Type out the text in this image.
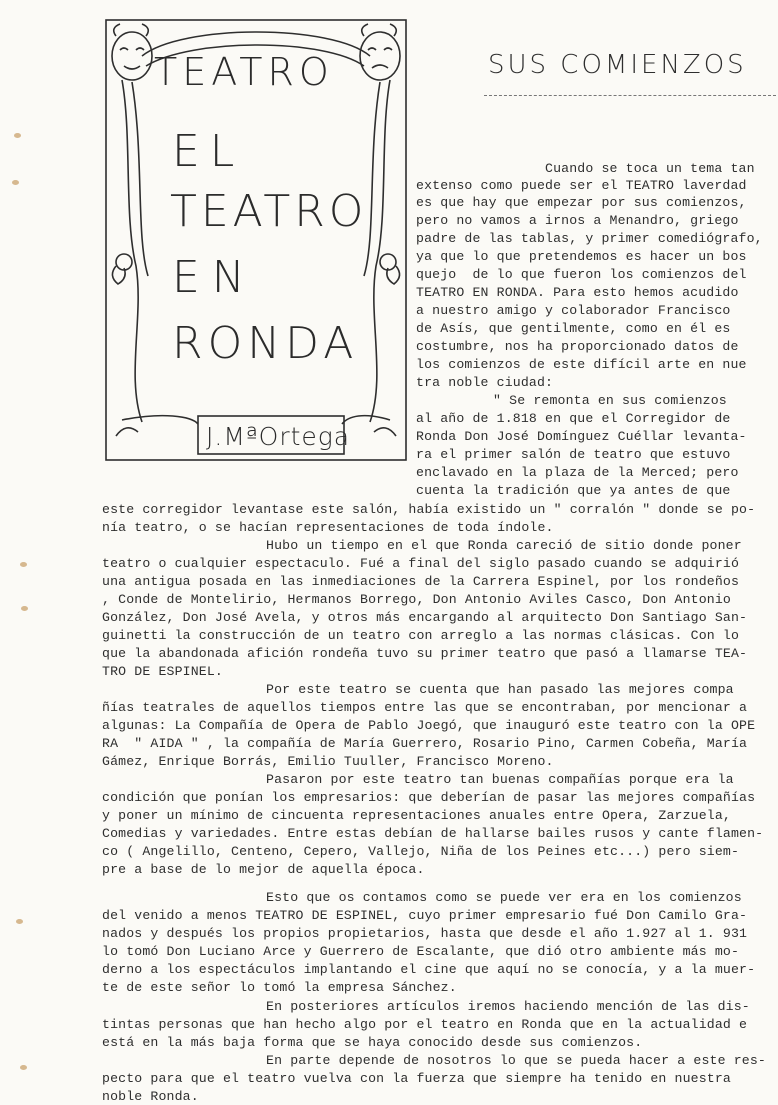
TEATRO
EL
TEATRO
EN
RONDA
J.MªOrtega
SUS COMIENZOS
Cuando se toca un tema tan
extenso como puede ser el TEATRO laverdad
es que hay que empezar por sus comienzos,
pero no vamos a irnos a Menandro, griego
padre de las tablas, y primer comediógrafo,
ya que lo que pretendemos es hacer un bos
quejo  de lo que fueron los comienzos del
TEATRO EN RONDA. Para esto hemos acudido
a nuestro amigo y colaborador Francisco
de Asís, que gentilmente, como en él es
costumbre, nos ha proporcionado datos de
los comienzos de este difícil arte en nue
tra noble ciudad:
" Se remonta en sus comienzos
al año de 1.818 en que el Corregidor de
Ronda Don José Domínguez Cuéllar levanta-
ra el primer salón de teatro que estuvo
enclavado en la plaza de la Merced; pero
cuenta la tradición que ya antes de que
este corregidor levantase este salón, había existido un " corralón " donde se po-
nía teatro, o se hacían representaciones de toda índole.
Hubo un tiempo en el que Ronda careció de sitio donde poner
teatro o cualquier espectaculo. Fué a final del siglo pasado cuando se adquirió
una antigua posada en las inmediaciones de la Carrera Espinel, por los rondeños
, Conde de Montelirio, Hermanos Borrego, Don Antonio Aviles Casco, Don Antonio
González, Don José Avela, y otros más encargando al arquitecto Don Santiago San-
guinetti la construcción de un teatro con arreglo a las normas clásicas. Con lo
que la abandonada afición rondeña tuvo su primer teatro que pasó a llamarse TEA-
TRO DE ESPINEL.
Por este teatro se cuenta que han pasado las mejores compa
ñías teatrales de aquellos tiempos entre las que se encontraban, por mencionar a
algunas: La Compañía de Opera de Pablo Joegó, que inauguró este teatro con la OPE
RA  " AIDA " , la compañía de María Guerrero, Rosario Pino, Carmen Cobeña, María
Gámez, Enrique Borrás, Emilio Tuuller, Francisco Moreno.
Pasaron por este teatro tan buenas compañías porque era la
condición que ponían los empresarios: que deberían de pasar las mejores compañías
y poner un mínimo de cincuenta representaciones anuales entre Opera, Zarzuela,
Comedias y variedades. Entre estas debían de hallarse bailes rusos y cante flamen-
co ( Angelillo, Centeno, Cepero, Vallejo, Niña de los Peines etc...) pero siem-
pre a base de lo mejor de aquella época.
Esto que os contamos como se puede ver era en los comienzos
del venido a menos TEATRO DE ESPINEL, cuyo primer empresario fué Don Camilo Gra-
nados y después los propios propietarios, hasta que desde el año 1.927 al 1. 931
lo tomó Don Luciano Arce y Guerrero de Escalante, que dió otro ambiente más mo-
derno a los espectáculos implantando el cine que aquí no se conocía, y a la muer-
te de este señor lo tomó la empresa Sánchez.
En posteriores artículos iremos haciendo mención de las dis-
tintas personas que han hecho algo por el teatro en Ronda que en la actualidad e
está en la más baja forma que se haya conocido desde sus comienzos.
En parte depende de nosotros lo que se pueda hacer a este res-
pecto para que el teatro vuelva con la fuerza que siempre ha tenido en nuestra
noble Ronda.
